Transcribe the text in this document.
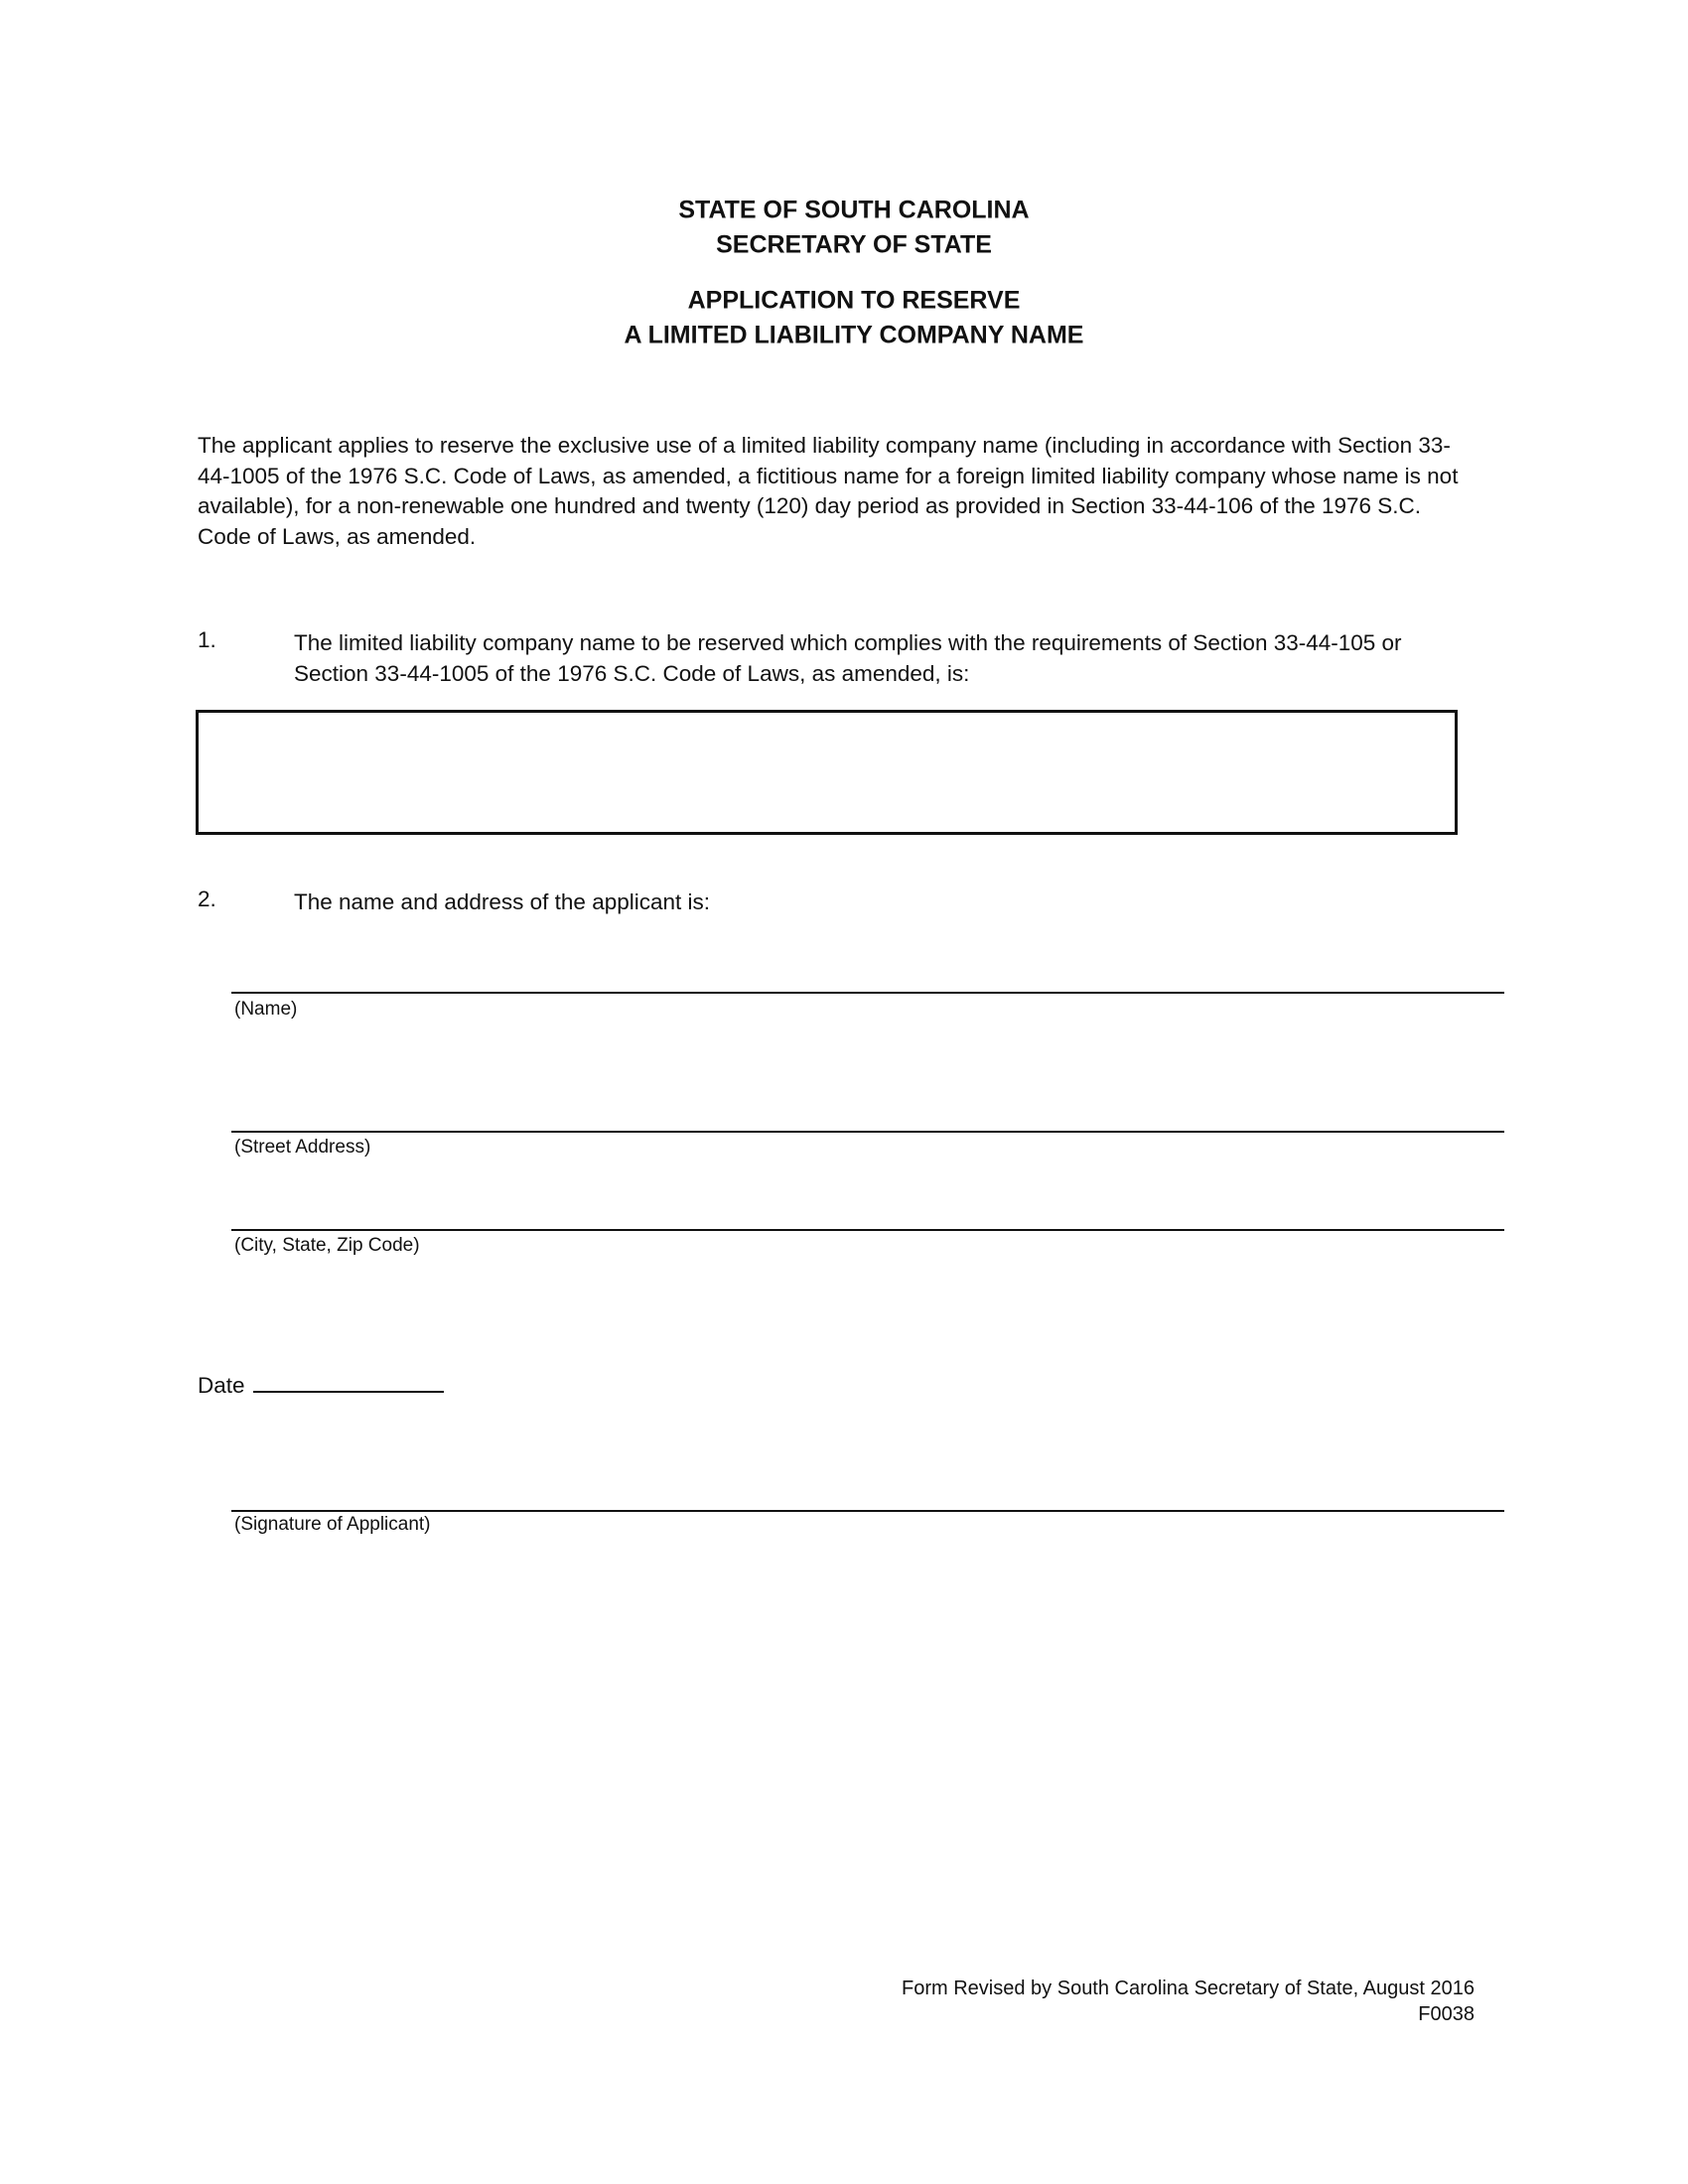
STATE OF SOUTH CAROLINA
SECRETARY OF STATE
APPLICATION TO RESERVE
A LIMITED LIABILITY COMPANY NAME
The applicant applies to reserve the exclusive use of a limited liability company name (including in accordance with Section 33-44-1005 of the 1976 S.C. Code of Laws, as amended, a fictitious name for a foreign limited liability company whose name is not available), for a non-renewable one hundred and twenty (120) day period as provided in Section 33-44-106 of the 1976 S.C. Code of Laws, as amended.
1.	The limited liability company name to be reserved which complies with the requirements of Section 33-44-105 or Section 33-44-1005 of the 1976 S.C. Code of Laws, as amended, is:
2.	The name and address of the applicant is:
(Name)
(Street Address)
(City, State, Zip Code)
Date
(Signature of Applicant)
Form Revised by South Carolina Secretary of State, August 2016
F0038
